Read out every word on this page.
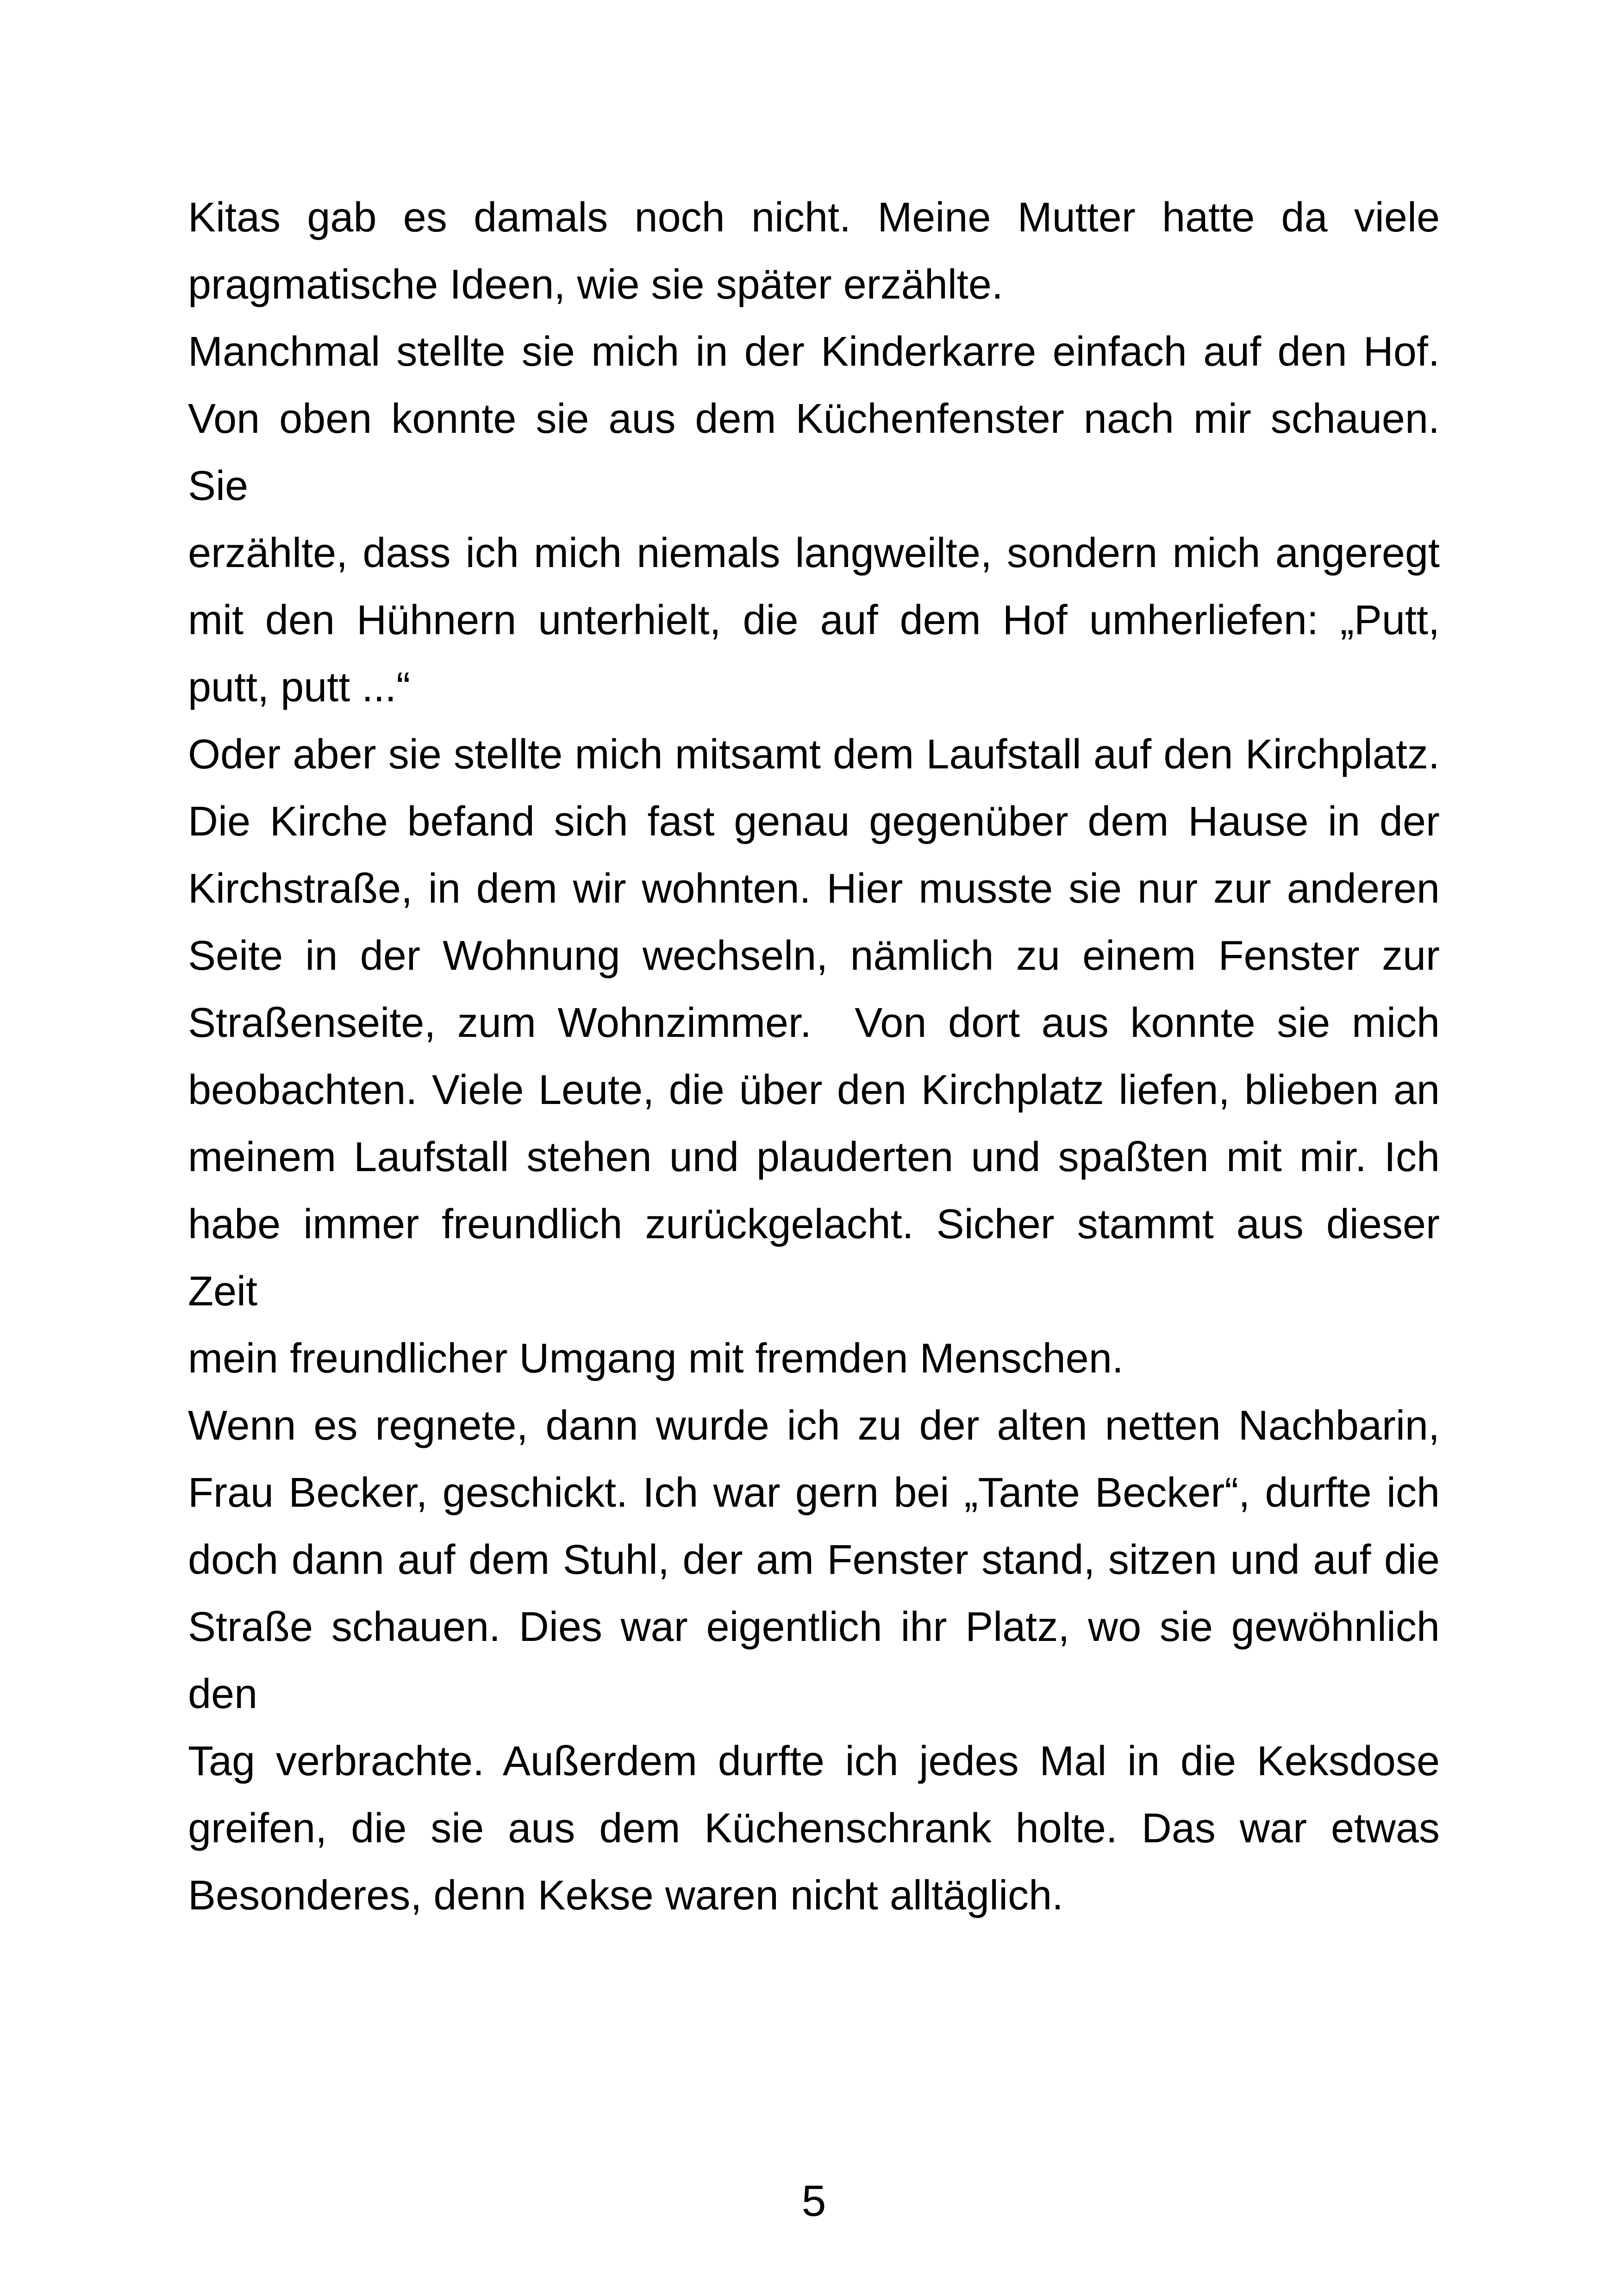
Kitas gab es damals noch nicht. Meine Mutter hatte da viele
pragmatische Ideen, wie sie später erzählte.
Manchmal stellte sie mich in der Kinderkarre einfach auf den Hof.
Von oben konnte sie aus dem Küchenfenster nach mir schauen. Sie
erzählte, dass ich mich niemals langweilte, sondern mich angeregt
mit den Hühnern unterhielt, die auf dem Hof umherliefen: „Putt,
putt, putt ...“
Oder aber sie stellte mich mitsamt dem Laufstall auf den Kirchplatz.
Die Kirche befand sich fast genau gegenüber dem Hause in der
Kirchstraße, in dem wir wohnten. Hier musste sie nur zur anderen
Seite in der Wohnung wechseln, nämlich zu einem Fenster zur
Straßenseite, zum Wohnzimmer.  Von dort aus konnte sie mich
beobachten. Viele Leute, die über den Kirchplatz liefen, blieben an
meinem Laufstall stehen und plauderten und spaßten mit mir. Ich
habe immer freundlich zurückgelacht. Sicher stammt aus dieser Zeit
mein freundlicher Umgang mit fremden Menschen.
Wenn es regnete, dann wurde ich zu der alten netten Nachbarin,
Frau Becker, geschickt. Ich war gern bei „Tante Becker“, durfte ich
doch dann auf dem Stuhl, der am Fenster stand, sitzen und auf die
Straße schauen. Dies war eigentlich ihr Platz, wo sie gewöhnlich den
Tag verbrachte. Außerdem durfte ich jedes Mal in die Keksdose
greifen, die sie aus dem Küchenschrank holte. Das war etwas
Besonderes, denn Kekse waren nicht alltäglich.
5
